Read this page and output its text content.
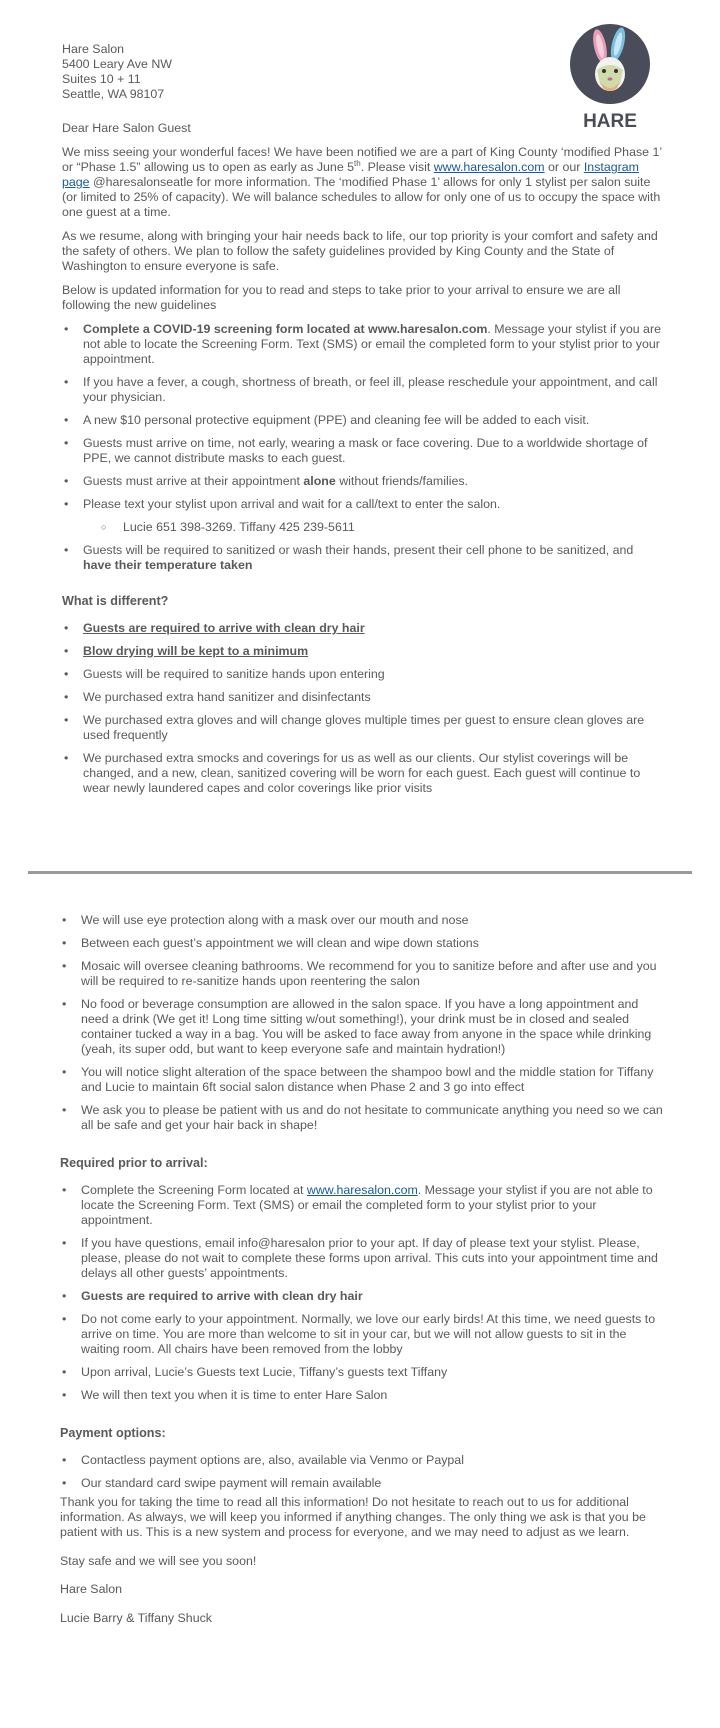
HARE
Hare Salon
5400 Leary Ave NW
Suites 10 + 11
Seattle, WA 98107

Dear Hare Salon Guest

We miss seeing your wonderful faces! We have been notified we are a part of King County ‘modified Phase 1’ or “Phase 1.5” allowing us to open as early as June 5th. Please visit www.haresalon.com or our Instagram page @haresalonseatle for more information. The ‘modified Phase 1’ allows for only 1 stylist per salon suite (or limited to 25% of capacity). We will balance schedules to allow for only one of us to occupy the space with one guest at a time.

As we resume, along with bringing your hair needs back to life, our top priority is your comfort and safety and the safety of others. We plan to follow the safety guidelines provided by King County and the State of Washington to ensure everyone is safe.

Below is updated information for you to read and steps to take prior to your arrival to ensure we are all following the new guidelines

• Complete a COVID-19 screening form located at www.haresalon.com. Message your stylist if you are not able to locate the Screening Form. Text (SMS) or email the completed form to your stylist prior to your appointment.
• If you have a fever, a cough, shortness of breath, or feel ill, please reschedule your appointment, and call your physician.
• A new $10 personal protective equipment (PPE) and cleaning fee will be added to each visit.
• Guests must arrive on time, not early, wearing a mask or face covering. Due to a worldwide shortage of PPE, we cannot distribute masks to each guest.
• Guests must arrive at their appointment alone without friends/families.
• Please text your stylist upon arrival and wait for a call/text to enter the salon.
○ Lucie 651 398-3269. Tiffany 425 239-5611
• Guests will be required to sanitized or wash their hands, present their cell phone to be sanitized, and have their temperature taken
What is different?
• Guests are required to arrive with clean dry hair
• Blow drying will be kept to a minimum
• Guests will be required to sanitize hands upon entering
• We purchased extra hand sanitizer and disinfectants
• We purchased extra gloves and will change gloves multiple times per guest to ensure clean gloves are used frequently
• We purchased extra smocks and coverings for us as well as our clients. Our stylist coverings will be changed, and a new, clean, sanitized covering will be worn for each guest. Each guest will continue to wear newly laundered capes and color coverings like prior visits
• We will use eye protection along with a mask over our mouth and nose
• Between each guest’s appointment we will clean and wipe down stations
• Mosaic will oversee cleaning bathrooms. We recommend for you to sanitize before and after use and you will be required to re-sanitize hands upon reentering the salon
• No food or beverage consumption are allowed in the salon space. If you have a long appointment and need a drink (We get it! Long time sitting w/out something!), your drink must be in closed and sealed container tucked a way in a bag. You will be asked to face away from anyone in the space while drinking (yeah, its super odd, but want to keep everyone safe and maintain hydration!)
• You will notice slight alteration of the space between the shampoo bowl and the middle station for Tiffany and Lucie to maintain 6ft social salon distance when Phase 2 and 3 go into effect
• We ask you to please be patient with us and do not hesitate to communicate anything you need so we can all be safe and get your hair back in shape!
Required prior to arrival:
• Complete the Screening Form located at www.haresalon.com. Message your stylist if you are not able to locate the Screening Form. Text (SMS) or email the completed form to your stylist prior to your appointment.
• If you have questions, email info@haresalon prior to your apt. If day of please text your stylist. Please, please, please do not wait to complete these forms upon arrival. This cuts into your appointment time and delays all other guests’ appointments.
• Guests are required to arrive with clean dry hair
• Do not come early to your appointment. Normally, we love our early birds! At this time, we need guests to arrive on time. You are more than welcome to sit in your car, but we will not allow guests to sit in the waiting room. All chairs have been removed from the lobby
• Upon arrival, Lucie’s Guests text Lucie, Tiffany’s guests text Tiffany
• We will then text you when it is time to enter Hare Salon
Payment options:
• Contactless payment options are, also, available via Venmo or Paypal
• Our standard card swipe payment will remain available

Thank you for taking the time to read all this information! Do not hesitate to reach out to us for additional information. As always, we will keep you informed if anything changes. The only thing we ask is that you be patient with us. This is a new system and process for everyone, and we may need to adjust as we learn.

Stay safe and we will see you soon!

Hare Salon

Lucie Barry & Tiffany Shuck
